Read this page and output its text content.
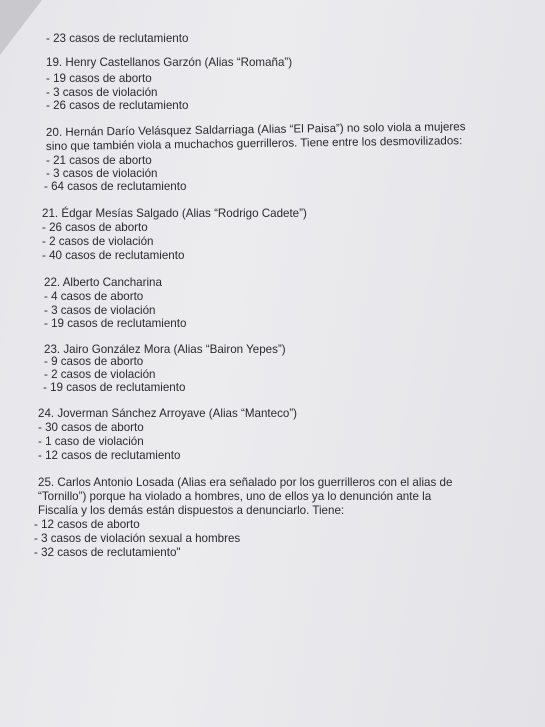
- 23 casos de reclutamiento
19. Henry Castellanos Garzón (Alias “Romaña”)
- 19 casos de aborto
- 3 casos de violación
- 26 casos de reclutamiento
20. Hernán Darío Velásquez Saldarriaga (Alias “El Paisa”) no solo viola a mujeres
sino que también viola a muchachos guerrilleros. Tiene entre los desmovilizados:
- 21 casos de aborto
- 3 casos de violación
- 64 casos de reclutamiento
21. Édgar Mesías Salgado (Alias “Rodrigo Cadete”)
- 26 casos de aborto
- 2 casos de violación
- 40 casos de reclutamiento
22. Alberto Cancharina
- 4 casos de aborto
- 3 casos de violación
- 19 casos de reclutamiento
23. Jairo González Mora (Alias “Bairon Yepes”)
- 9 casos de aborto
- 2 casos de violación
- 19 casos de reclutamiento
24. Joverman Sánchez Arroyave (Alias “Manteco”)
- 30 casos de aborto
- 1 caso de violación
- 12 casos de reclutamiento
25. Carlos Antonio Losada (Alias era señalado por los guerrilleros con el alias de
“Tornillo”) porque ha violado a hombres, uno de ellos ya lo denunción ante la
Fiscalía y los demás están dispuestos a denunciarlo. Tiene:
- 12 casos de aborto
- 3 casos de violación sexual a hombres
- 32 casos de reclutamiento"
